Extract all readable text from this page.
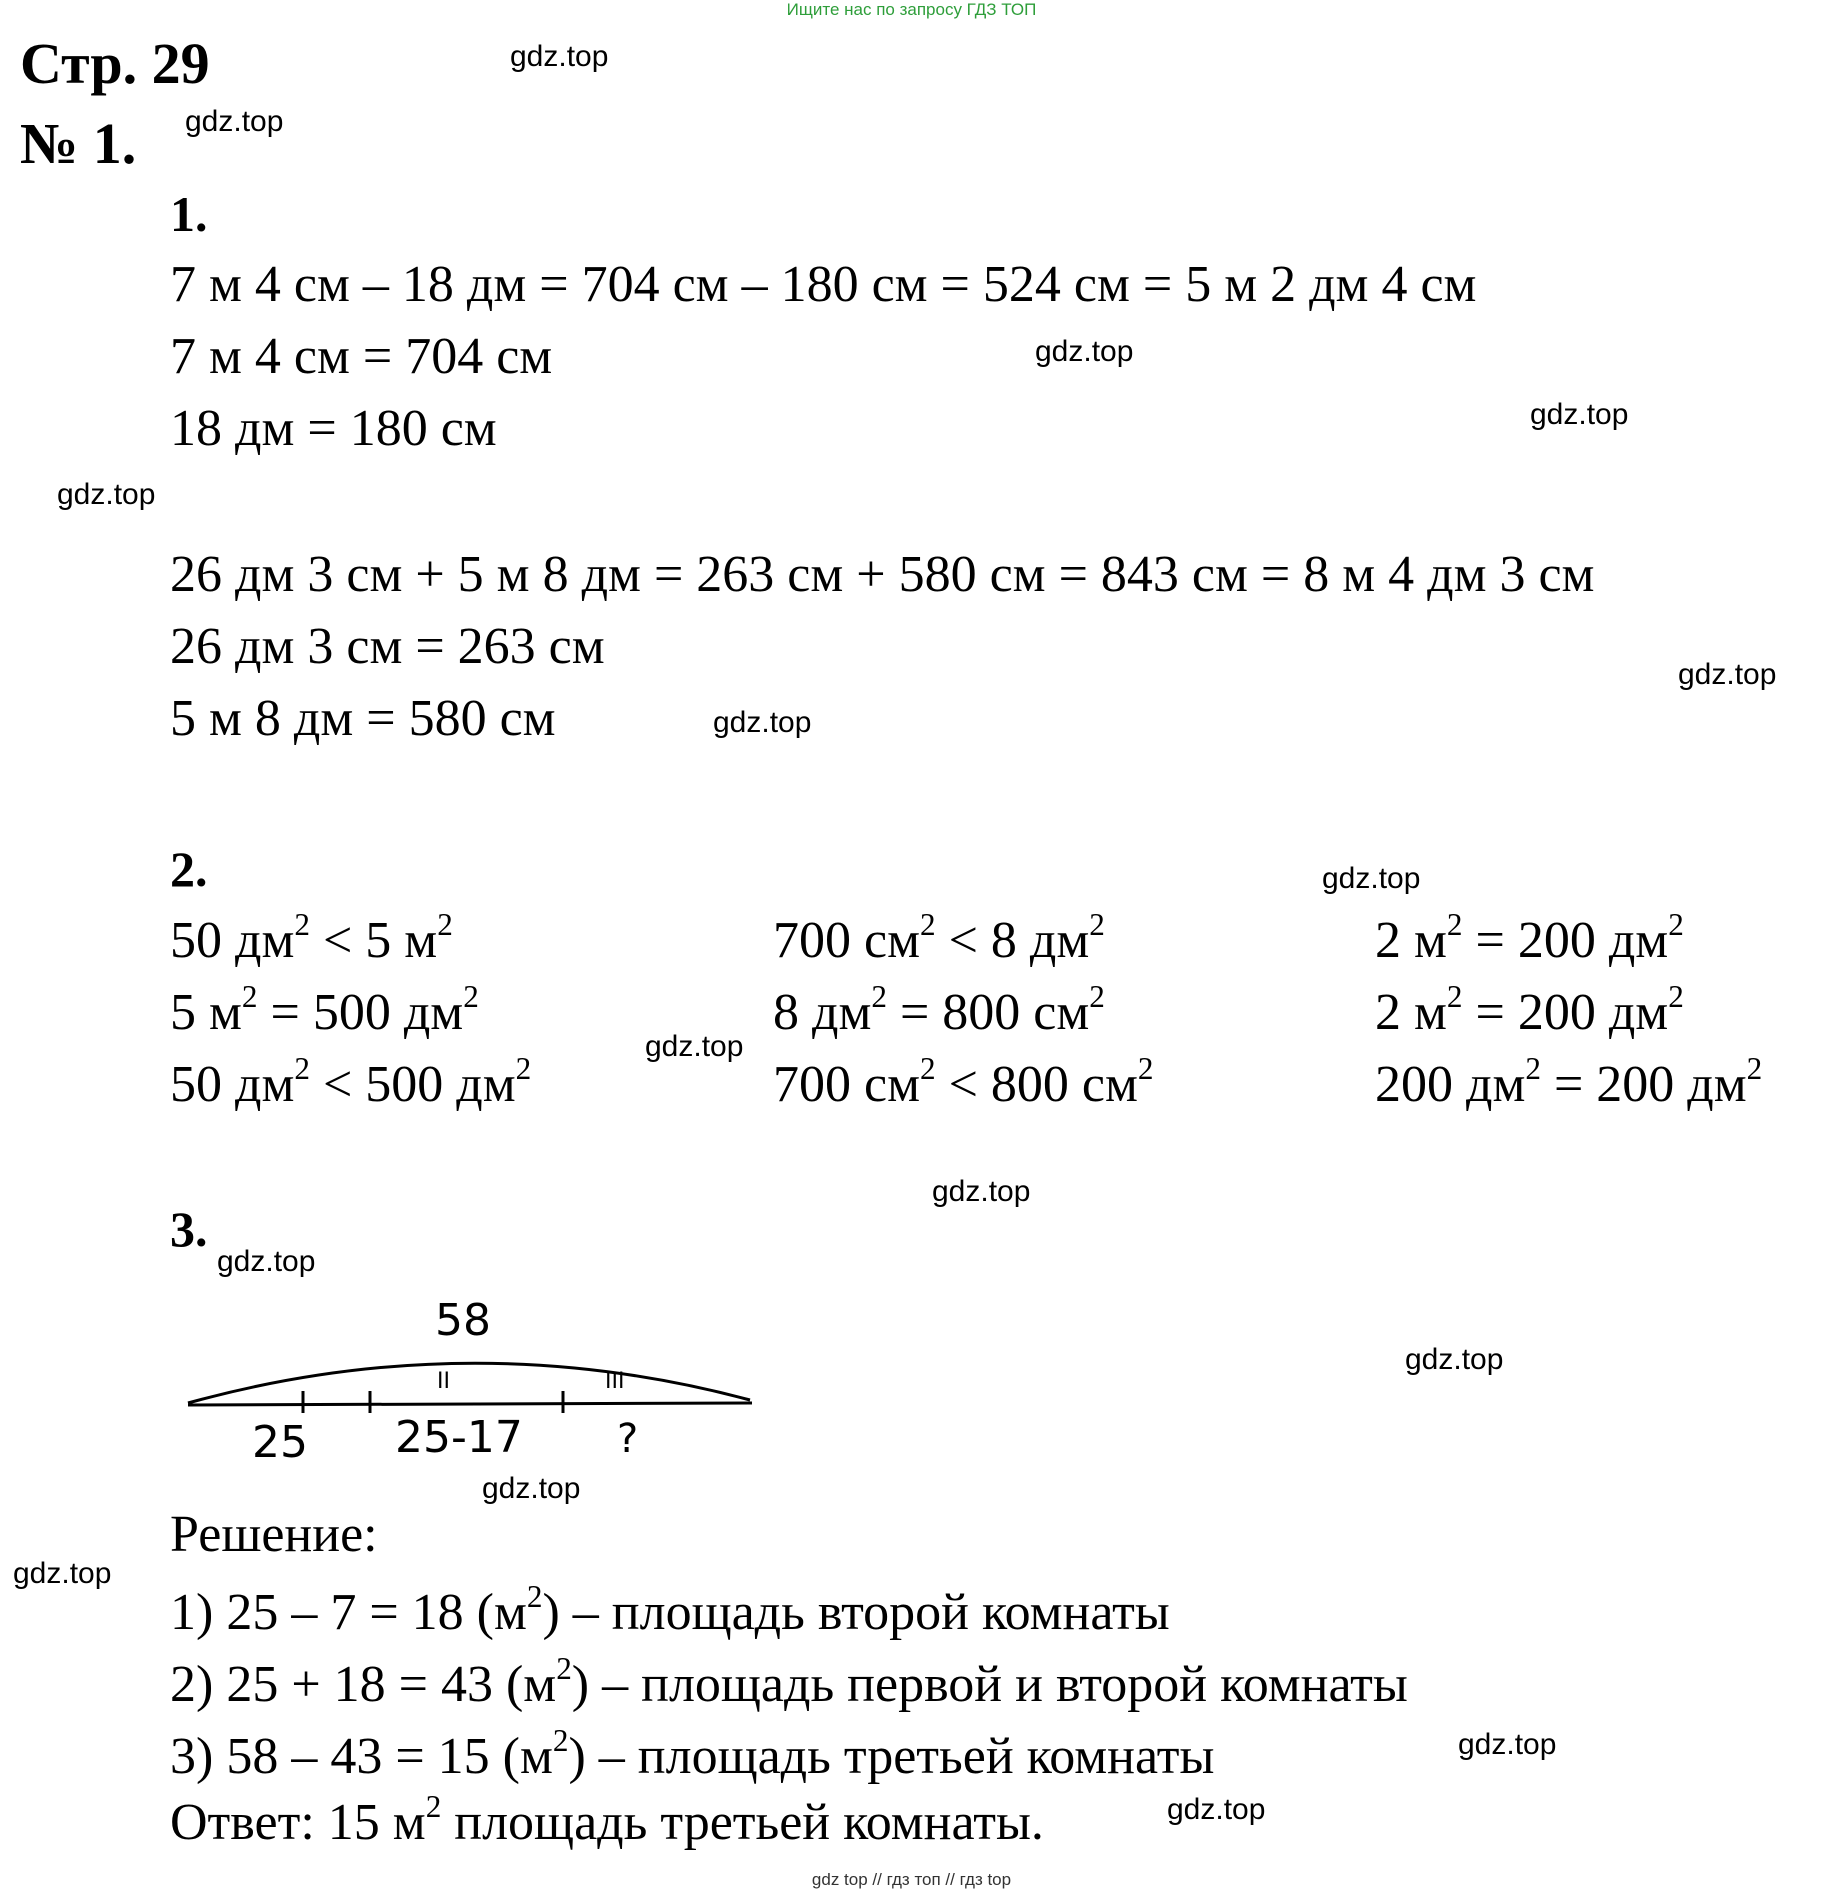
Ищите нас по запросу ГДЗ ТОП
Стр. 29
№ 1.
gdz.top
gdz.top
gdz.top
gdz.top
gdz.top
gdz.top
gdz.top
gdz.top
gdz.top
gdz.top
gdz.top
gdz.top
gdz.top
gdz.top
gdz.top
gdz.top
1.
7 м 4 см – 18 дм = 704 см – 180 см = 524 см = 5 м 2 дм 4 см
7 м 4 см = 704 см
18 дм = 180 см
26 дм 3 см + 5 м 8 дм = 263 см + 580 см = 843 см = 8 м 4 дм 3 см
26 дм 3 см = 263 см
5 м 8 дм = 580 см
2.
50 $дм^2 < 5$ $м^2$
5 $м^2 = 500$ $дм^2$
50 $дм^2 < 500$ $дм^2$
700 $см^2 < 8$ $дм^2$
8 $дм^2 = 800$ $см^2$
700 $см^2 < 800$ $см^2$
2 $м^2 = 200$ $дм^2$
2 $м^2 = 200$ $дм^2$
200 $дм^2 = 200$ $дм^2$
3.
58
II	III
25 25-17 ?
Решение:
1) 25 – 7 = 18 $(м^2)$ – площадь второй комнаты
2) 25 + 18 = 43 $(м^2)$ – площадь первой и второй комнаты
3) 58 – 43 = 15 $(м^2)$ – площадь третьей комнаты
Ответ: 15 $м^2$ площадь третьей комнаты.
gdz top // гдз топ // гдз top
